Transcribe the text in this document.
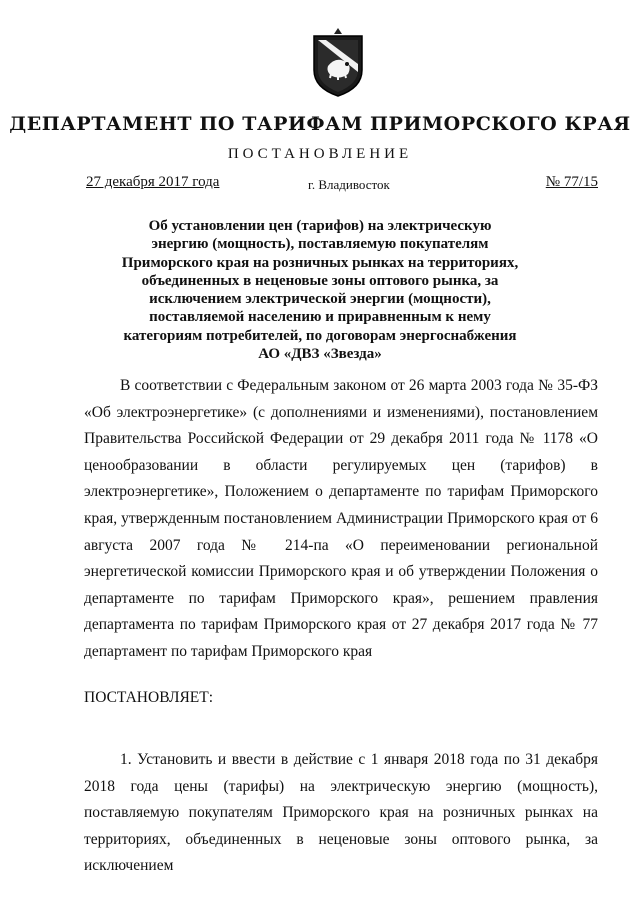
ДЕПАРТАМЕНТ ПО ТАРИФАМ ПРИМОРСКОГО КРАЯ
ПОСТАНОВЛЕНИЕ
27 декабря 2017 года	г. Владивосток	№ 77/15
Об установлении цен (тарифов) на электрическую энергию (мощность), поставляемую покупателям Приморского края на розничных рынках на территориях, объединенных в неценовые зоны оптового рынка, за исключением электрической энергии (мощности), поставляемой населению и приравненным к нему категориям потребителей, по договорам энергоснабжения АО «ДВЗ «Звезда»
В соответствии с Федеральным законом от 26 марта 2003 года № 35-ФЗ «Об электроэнергетике» (с дополнениями и изменениями), постановлением Правительства Российской Федерации от 29 декабря 2011 года № 1178 «О ценообразовании в области регулируемых цен (тарифов) в электроэнергетике», Положением о департаменте по тарифам Приморского края, утвержденным постановлением Администрации Приморского края от 6 августа 2007 года № 214-па «О переименовании региональной энергетической комиссии Приморского края и об утверждении Положения о департаменте по тарифам Приморского края», решением правления департамента по тарифам Приморского края от 27 декабря 2017 года № 77 департамент по тарифам Приморского края
ПОСТАНОВЛЯЕТ:
1. Установить и ввести в действие с 1 января 2018 года по 31 декабря 2018 года цены (тарифы) на электрическую энергию (мощность), поставляемую покупателям Приморского края на розничных рынках на территориях, объединенных в неценовые зоны оптового рынка, за исключением
